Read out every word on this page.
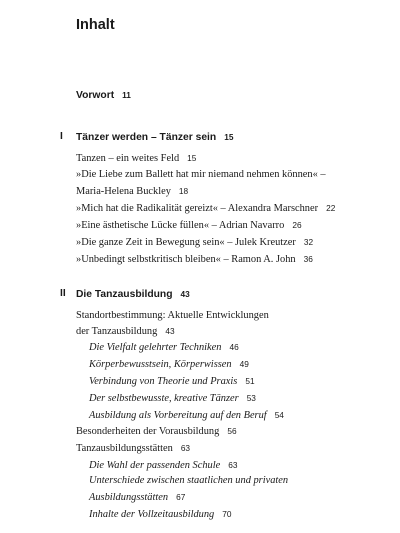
Inhalt
Vorwort 11
I Tänzer werden – Tänzer sein 15
Tanzen – ein weites Feld 15
»Die Liebe zum Ballett hat mir niemand nehmen können« –
Maria-Helena Buckley 18
»Mich hat die Radikalität gereizt« – Alexandra Marschner 22
»Eine ästhetische Lücke füllen« – Adrian Navarro 26
»Die ganze Zeit in Bewegung sein« – Julek Kreutzer 32
»Unbedingt selbstkritisch bleiben« – Ramon A. John 36
II Die Tanzausbildung 43
Standortbestimmung: Aktuelle Entwicklungen
der Tanzausbildung 43
Die Vielfalt gelehrter Techniken 46
Körperbewusstsein, Körperwissen 49
Verbindung von Theorie und Praxis 51
Der selbstbewusste, kreative Tänzer 53
Ausbildung als Vorbereitung auf den Beruf 54
Besonderheiten der Vorausbildung 56
Tanzausbildungsstätten 63
Die Wahl der passenden Schule 63
Unterschiede zwischen staatlichen und privaten
Ausbildungsstätten 67
Inhalte der Vollzeitausbildung 70
